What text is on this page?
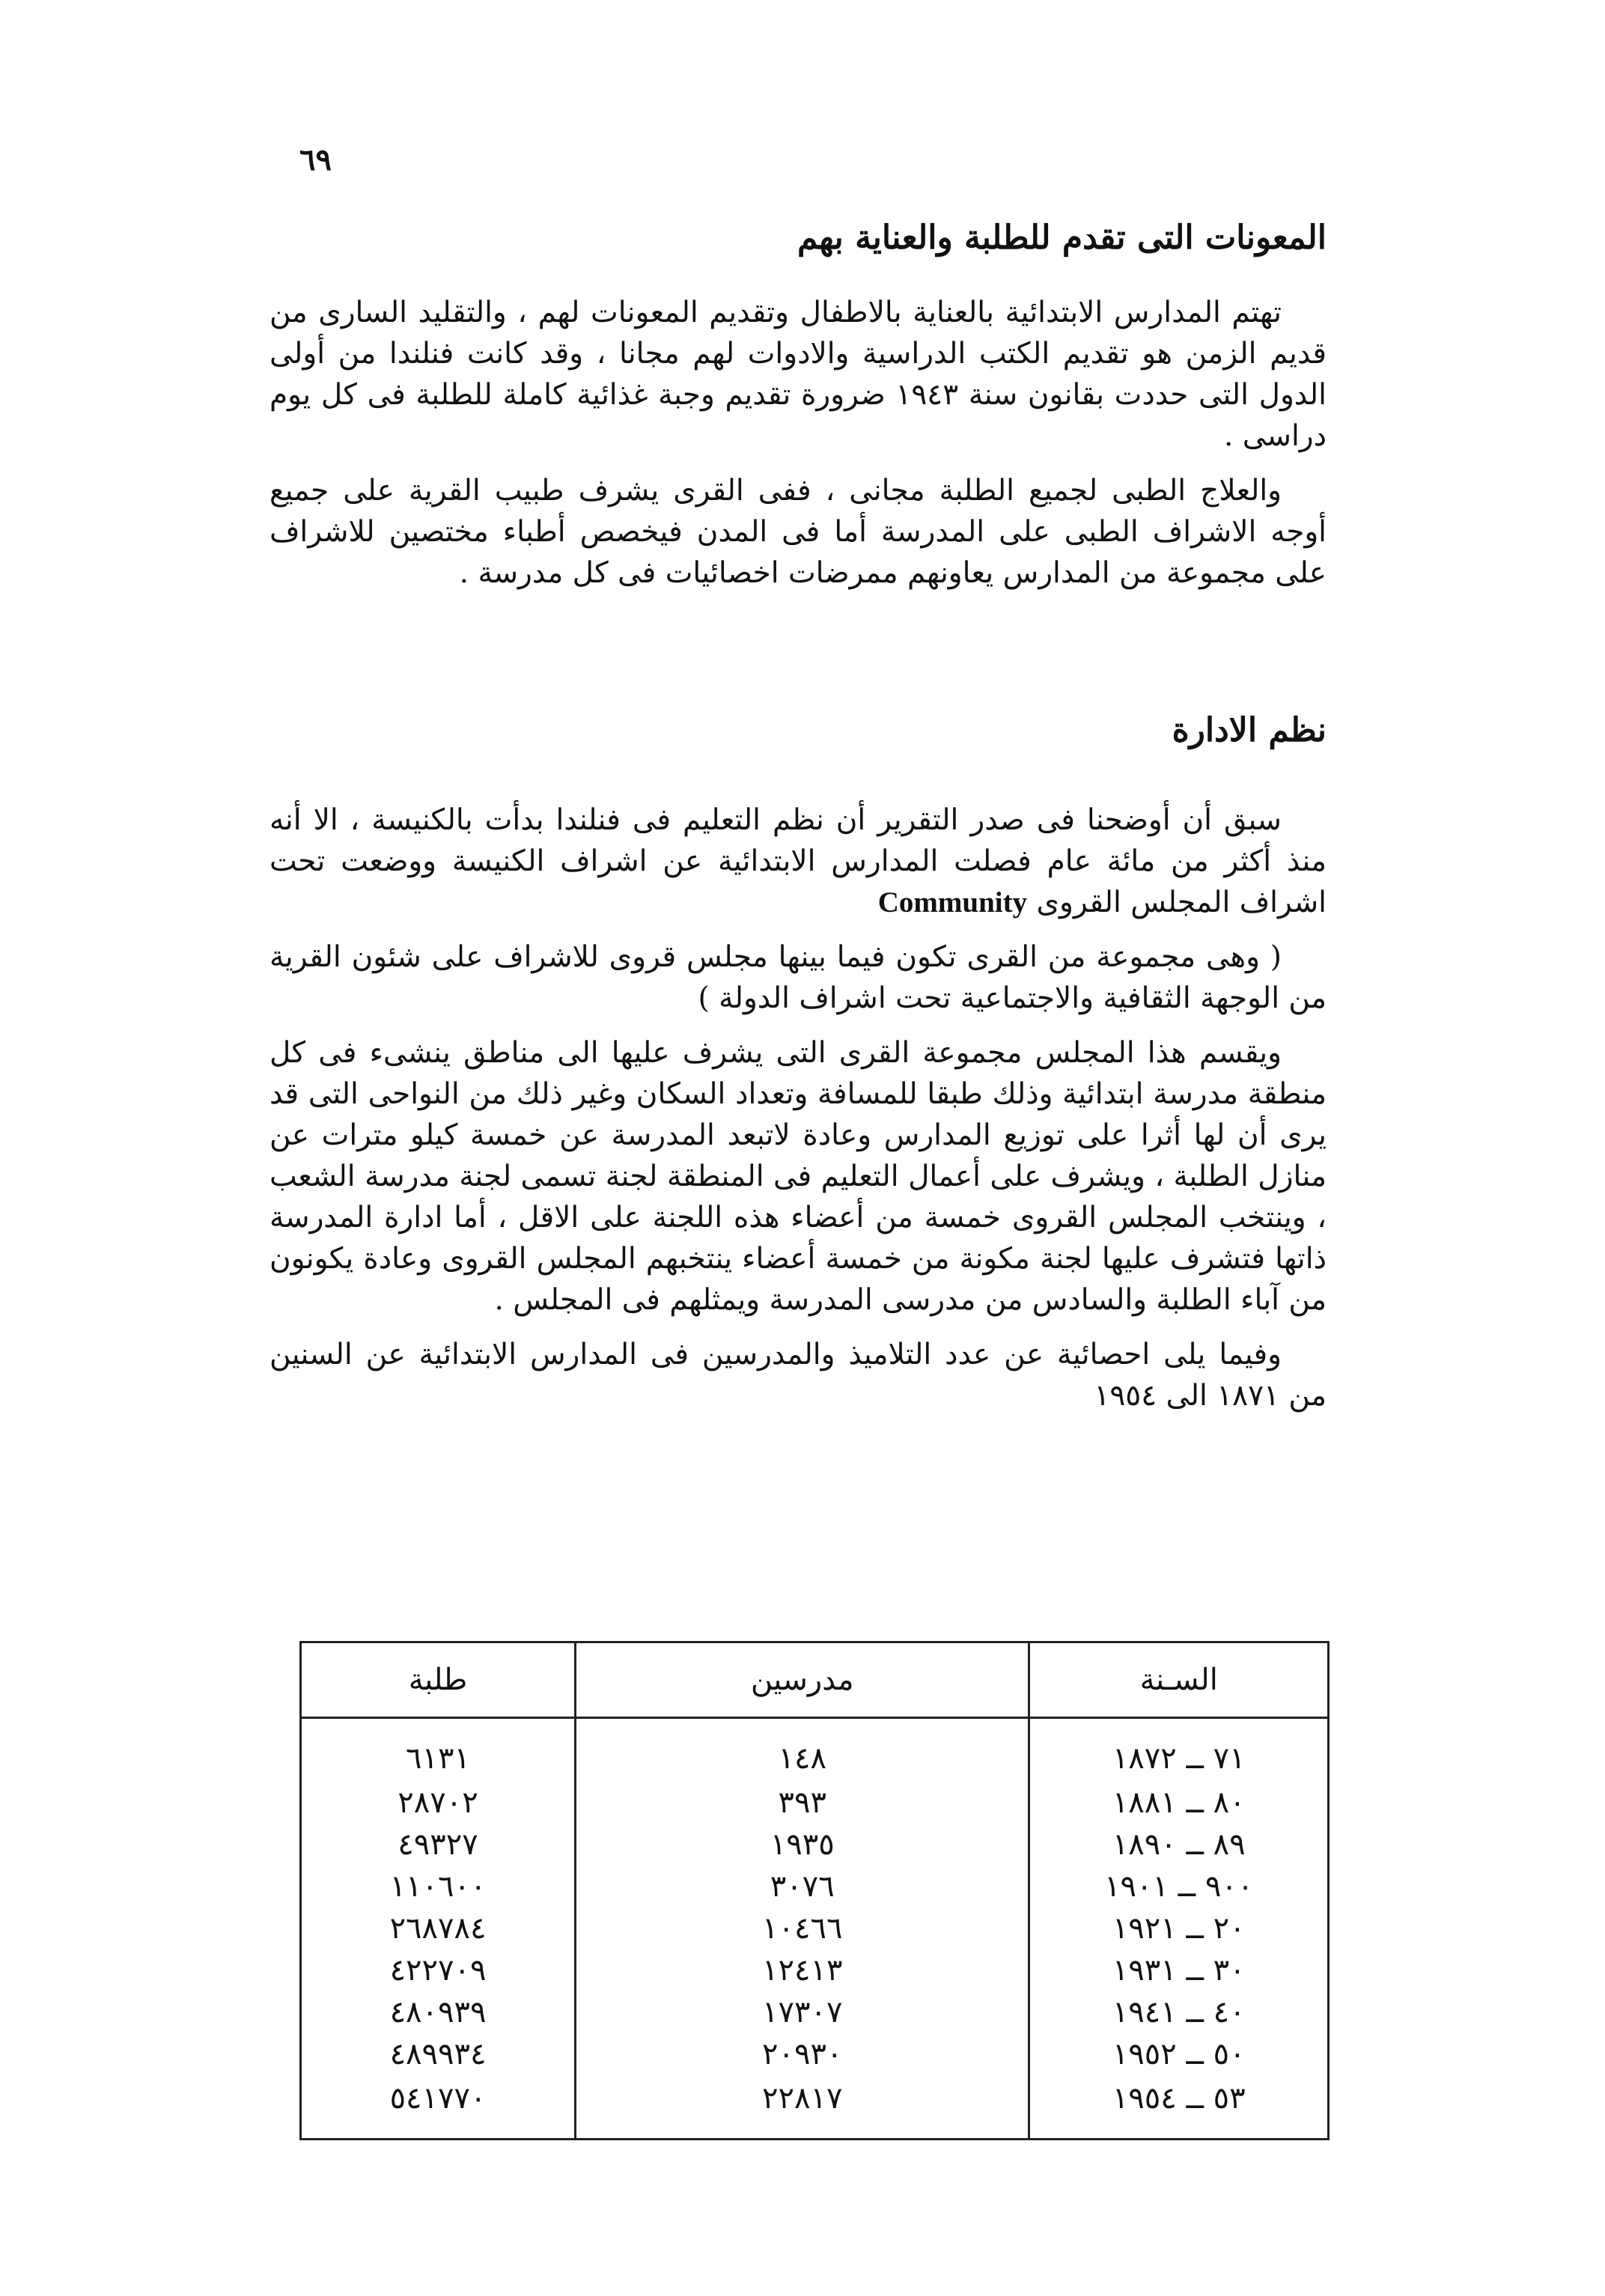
٦٩
المعونات التى تقدم للطلبة والعناية بهم

تهتم المدارس الابتدائية بالعناية بالاطفال وتقديم المعونات لهم ، والتقليد السارى من قديم الزمن هو تقديم الكتب الدراسية والادوات لهم مجانا ، وقد كانت فنلندا من أولى الدول التى حددت بقانون سنة ١٩٤٣ ضرورة تقديم وجبة غذائية كاملة للطلبة فى كل يوم دراسى .

والعلاج الطبى لجميع الطلبة مجانى ، ففى القرى يشرف طبيب القرية على جميع أوجه الاشراف الطبى على المدرسة أما فى المدن فيخصص أطباء مختصين للاشراف على مجموعة من المدارس يعاونهم ممرضات اخصائيات فى كل مدرسة .

نظم الادارة

سبق أن أوضحنا فى صدر التقرير أن نظم التعليم فى فنلندا بدأت بالكنيسة ، الا أنه منذ أكثر من مائة عام فصلت المدارس الابتدائية عن اشراف الكنيسة ووضعت تحت اشراف المجلس القروى Community

( وهى مجموعة من القرى تكون فيما بينها مجلس قروى للاشراف على شئون القرية من الوجهة الثقافية والاجتماعية تحت اشراف الدولة )

ويقسم هذا المجلس مجموعة القرى التى يشرف عليها الى مناطق ينشىء فى كل منطقة مدرسة ابتدائية وذلك طبقا للمسافة وتعداد السكان وغير ذلك من النواحى التى قد يرى أن لها أثرا على توزيع المدارس وعادة لاتبعد المدرسة عن خمسة كيلو مترات عن منازل الطلبة ، ويشرف على أعمال التعليم فى المنطقة لجنة تسمى لجنة مدرسة الشعب ، وينتخب المجلس القروى خمسة من أعضاء هذه اللجنة على الاقل ، أما ادارة المدرسة ذاتها فتشرف عليها لجنة مكونة من خمسة أعضاء ينتخبهم المجلس القروى وعادة يكونون من آباء الطلبة والسادس من مدرسى المدرسة ويمثلهم فى المجلس .

وفيما يلى احصائية عن عدد التلاميذ والمدرسين فى المدارس الابتدائية عن السنين من ١٨٧١ الى ١٩٥٤

السـنة	مدرسين	طلبة
٧١ ــ ١٨٧٢	١٤٨	٦١٣١
٨٠ ــ ١٨٨١	٣٩٣	٢٨٧٠٢
٨٩ ــ ١٨٩٠	١٩٣٥	٤٩٣٢٧
٩٠٠ ــ ١٩٠١	٣٠٧٦	١١٠٦٠٠
٢٠ ــ ١٩٢١	١٠٤٦٦	٢٦٨٧٨٤
٣٠ ــ ١٩٣١	١٢٤١٣	٤٢٢٧٠٩
٤٠ ــ ١٩٤١	١٧٣٠٧	٤٨٠٩٣٩
٥٠ ــ ١٩٥٢	٢٠٩٣٠	٤٨٩٩٣٤
٥٣ ــ ١٩٥٤	٢٢٨١٧	٥٤١٧٧٠
